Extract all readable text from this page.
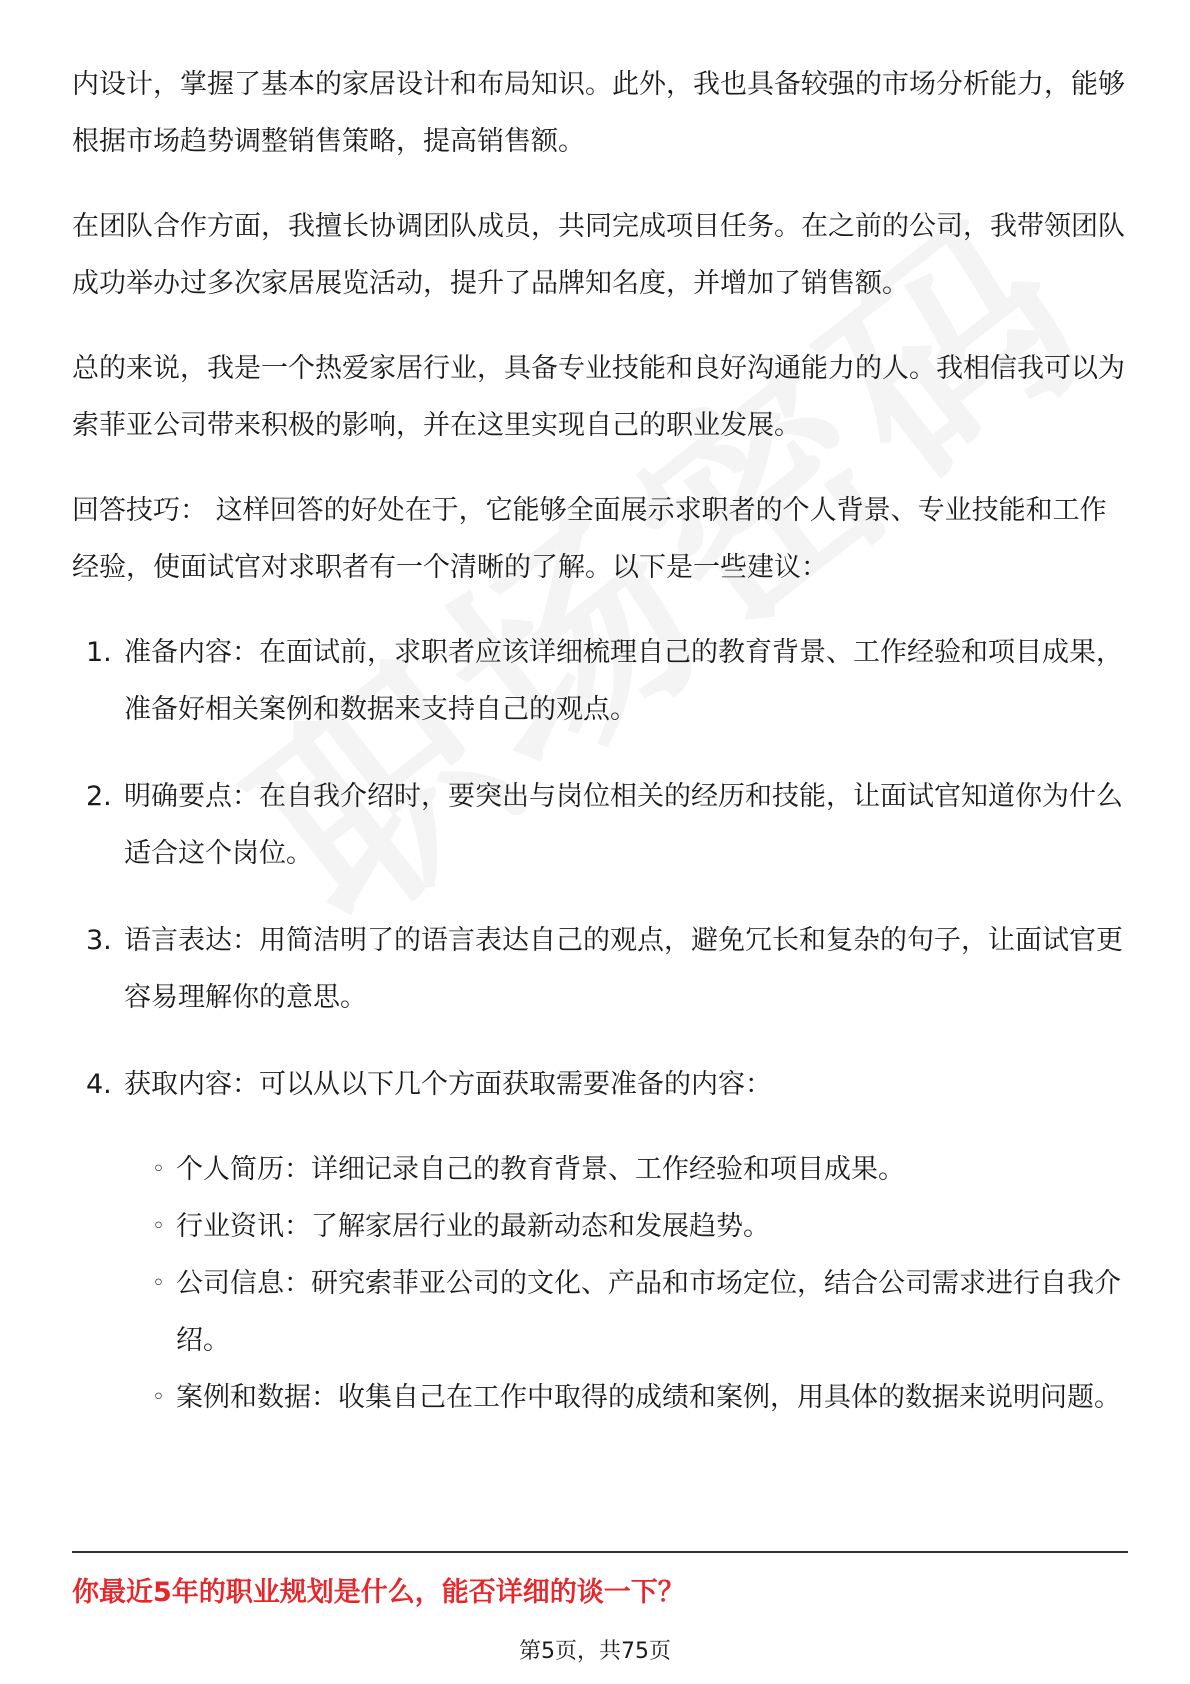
内设计，掌握了基本的家居设计和布局知识。此外，我也具备较强的市场分析能力，能够根据市场趋势调整销售策略，提高销售额。

在团队合作方面，我擅长协调团队成员，共同完成项目任务。在之前的公司，我带领团队成功举办过多次家居展览活动，提升了品牌知名度，并增加了销售额。

总的来说，我是一个热爱家居行业，具备专业技能和良好沟通能力的人。我相信我可以为索菲亚公司带来积极的影响，并在这里实现自己的职业发展。

回答技巧： 这样回答的好处在于，它能够全面展示求职者的个人背景、专业技能和工作经验，使面试官对求职者有一个清晰的了解。以下是一些建议：

1. 准备内容：在面试前，求职者应该详细梳理自己的教育背景、工作经验和项目成果，准备好相关案例和数据来支持自己的观点。
2. 明确要点：在自我介绍时，要突出与岗位相关的经历和技能，让面试官知道你为什么适合这个岗位。
3. 语言表达：用简洁明了的语言表达自己的观点，避免冗长和复杂的句子，让面试官更容易理解你的意思。
4. 获取内容：可以从以下几个方面获取需要准备的内容：
◦ 个人简历：详细记录自己的教育背景、工作经验和项目成果。
◦ 行业资讯：了解家居行业的最新动态和发展趋势。
◦ 公司信息：研究索菲亚公司的文化、产品和市场定位，结合公司需求进行自我介绍。
◦ 案例和数据：收集自己在工作中取得的成绩和案例，用具体的数据来说明问题。
你最近5年的职业规划是什么，能否详细的谈一下？
第5页，共75页
